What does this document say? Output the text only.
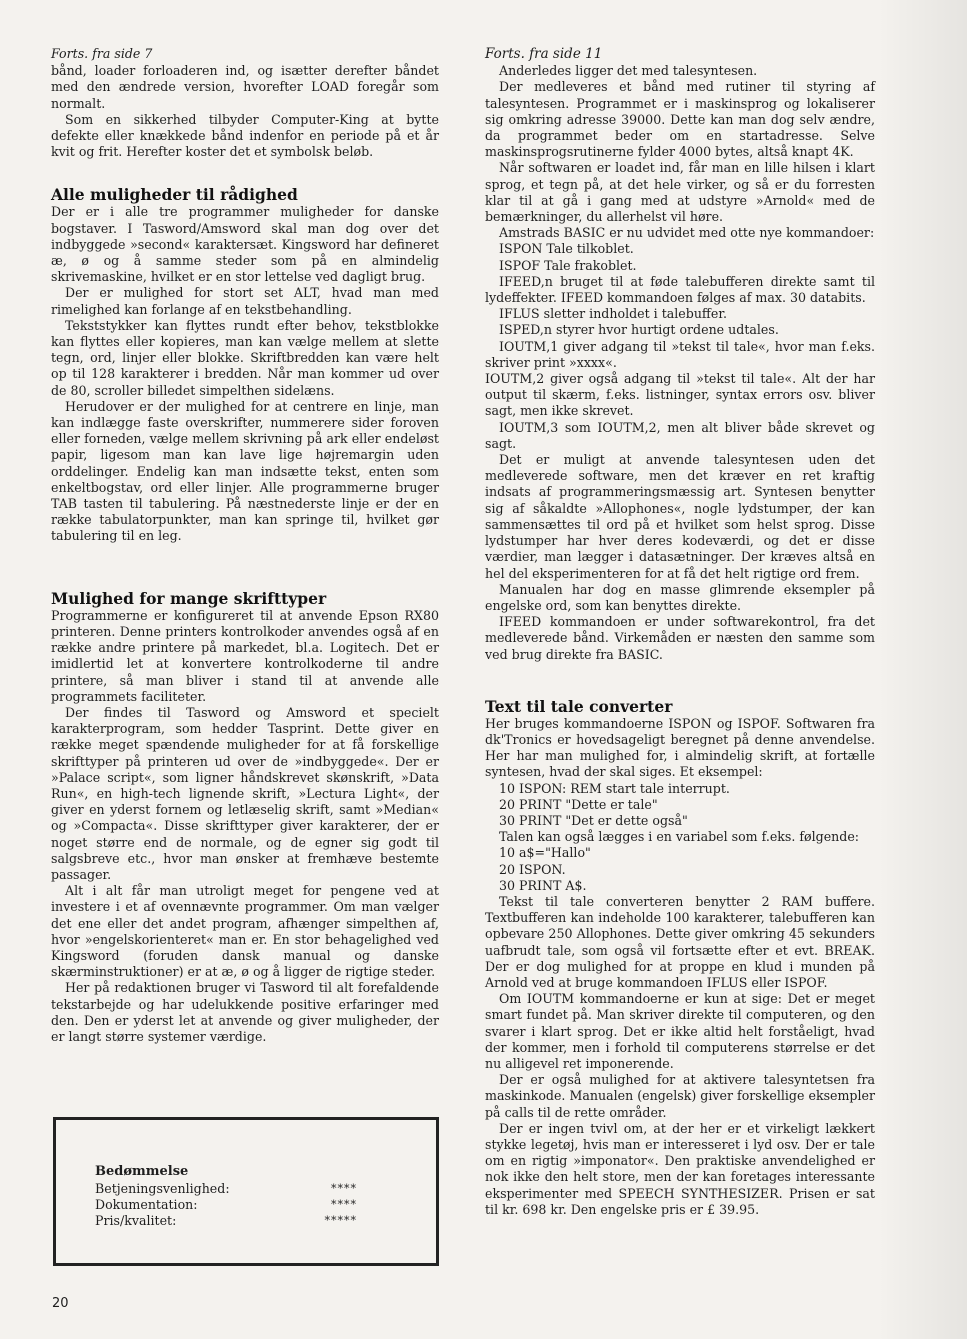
Forts. fra side 7

bånd, loader forloaderen ind, og isætter derefter båndet med den ændrede version, hvorefter LOAD foregår som normalt.

Som en sikkerhed tilbyder Computer-King at bytte defekte eller knækkede bånd indenfor en periode på et år kvit og frit. Herefter koster det et symbolsk beløb.

Alle muligheder til rådighed

Der er i alle tre programmer muligheder for danske bogstaver. I Tasword/Amsword skal man dog over det indbyggede »second« karaktersæt. Kingsword har defineret æ, ø og å samme steder som på en almindelig skrivemaskine, hvilket er en stor lettelse ved dagligt brug.

Der er mulighed for stort set ALT, hvad man med rimelighed kan forlange af en tekstbehandling.

Tekststykker kan flyttes rundt efter behov, tekstblokke kan flyttes eller kopieres, man kan vælge mellem at slette tegn, ord, linjer eller blokke. Skriftbredden kan være helt op til 128 karakterer i bredden. Når man kommer ud over de 80, scroller billedet simpelthen sidelæns.

Herudover er der mulighed for at centrere en linje, man kan indlægge faste overskrifter, nummerere sider foroven eller forneden, vælge mellem skrivning på ark eller endeløst papir, ligesom man kan lave lige højremargin uden orddelinger. Endelig kan man indsætte tekst, enten som enkeltbogstav, ord eller linjer. Alle programmerne bruger TAB tasten til tabulering. På næstnederste linje er der en række tabulatorpunkter, man kan springe til, hvilket gør tabulering til en leg.

Mulighed for mange skrifttyper

Programmerne er konfigureret til at anvende Epson RX80 printeren. Denne printers kontrolkoder anvendes også af en række andre printere på markedet, bl.a. Logitech. Det er imidlertid let at konvertere kontrolkoderne til andre printere, så man bliver i stand til at anvende alle programmets faciliteter.

Der findes til Tasword og Amsword et specielt karakterprogram, som hedder Tasprint. Dette giver en række meget spændende muligheder for at få forskellige skrifttyper på printeren ud over de »indbyggede«. Der er »Palace script«, som ligner håndskrevet skønskrift, »Data Run«, en high-tech lignende skrift, »Lectura Light«, der giver en yderst fornem og letlæselig skrift, samt »Median« og »Compacta«. Disse skrifttyper giver karakterer, der er noget større end de normale, og de egner sig godt til salgsbreve etc., hvor man ønsker at fremhæve bestemte passager.

Alt i alt får man utroligt meget for pengene ved at investere i et af ovennævnte programmer. Om man vælger det ene eller det andet program, afhænger simpelthen af, hvor »engelskorienteret« man er. En stor behagelighed ved Kingsword (foruden dansk manual og danske skærminstruktioner) er at æ, ø og å ligger de rigtige steder.

Her på redaktionen bruger vi Tasword til alt forefaldende tekstarbejde og har udelukkende positive erfaringer med den. Den er yderst let at anvende og giver muligheder, der er langt større systemer værdige.

Bedømmelse
Betjeningsvenlighed:	****
Dokumentation:	****
Pris/kvalitet:	*****
Forts. fra side 11

Anderledes ligger det med talesyntesen.

Der medleveres et bånd med rutiner til styring af talesyntesen. Programmet er i maskinsprog og lokaliserer sig omkring adresse 39000. Dette kan man dog selv ændre, da programmet beder om en startadresse. Selve maskinsprogsrutinerne fylder 4000 bytes, altså knapt 4K.

Når softwaren er loadet ind, får man en lille hilsen i klart sprog, et tegn på, at det hele virker, og så er du forresten klar til at gå i gang med at udstyre »Arnold« med de bemærkninger, du allerhelst vil høre.

Amstrads BASIC er nu udvidet med otte nye kommandoer:

ISPON Tale tilkoblet.

ISPOF Tale frakoblet.

IFEED,n bruget til at føde talebufferen direkte samt til lydeffekter. IFEED kommandoen følges af max. 30 databits.

IFLUS sletter indholdet i talebuffer.

ISPED,n styrer hvor hurtigt ordene udtales.

IOUTM,1 giver adgang til »tekst til tale«, hvor man f.eks. skriver print »xxxx«.

IOUTM,2 giver også adgang til »tekst til tale«. Alt der har output til skærm, f.eks. listninger, syntax errors osv. bliver sagt, men ikke skrevet.

IOUTM,3 som IOUTM,2, men alt bliver både skrevet og sagt.

Det er muligt at anvende talesyntesen uden det medleverede software, men det kræver en ret kraftig indsats af programmeringsmæssig art. Syntesen benytter sig af såkaldte »Allophones«, nogle lydstumper, der kan sammensættes til ord på et hvilket som helst sprog. Disse lydstumper har hver deres kodeværdi, og det er disse værdier, man lægger i datasætninger. Der kræves altså en hel del eksperimenteren for at få det helt rigtige ord frem.

Manualen har dog en masse glimrende eksempler på engelske ord, som kan benyttes direkte.

IFEED kommandoen er under softwarekontrol, fra det medleverede bånd. Virkemåden er næsten den samme som ved brug direkte fra BASIC.

Text til tale converter

Her bruges kommandoerne ISPON og ISPOF. Softwaren fra dk'Tronics er hovedsageligt beregnet på denne anvendelse. Her har man mulighed for, i almindelig skrift, at fortælle syntesen, hvad der skal siges. Et eksempel:

10 ISPON: REM start tale interrupt.

20 PRINT "Dette er tale"

30 PRINT "Det er dette også"

Talen kan også lægges i en variabel som f.eks. følgende:

10 a$="Hallo"

20 ISPON.

30 PRINT A$.

Tekst til tale converteren benytter 2 RAM buffere. Textbufferen kan indeholde 100 karakterer, talebufferen kan opbevare 250 Allophones. Dette giver omkring 45 sekunders uafbrudt tale, som også vil fortsætte efter et evt. BREAK. Der er dog mulighed for at proppe en klud i munden på Arnold ved at bruge kommandoen IFLUS eller ISPOF.

Om IOUTM kommandoerne er kun at sige: Det er meget smart fundet på. Man skriver direkte til computeren, og den svarer i klart sprog. Det er ikke altid helt forståeligt, hvad der kommer, men i forhold til computerens størrelse er det nu alligevel ret imponerende.

Der er også mulighed for at aktivere talesyntetsen fra maskinkode. Manualen (engelsk) giver forskellige eksempler på calls til de rette områder.

Der er ingen tvivl om, at der her er et virkeligt lækkert stykke legetøj, hvis man er interesseret i lyd osv. Der er tale om en rigtig »imponator«. Den praktiske anvendelighed er nok ikke den helt store, men der kan foretages interessante eksperimenter med SPEECH SYNTHESIZER. Prisen er sat til kr. 698 kr. Den engelske pris er £ 39.95.

20
